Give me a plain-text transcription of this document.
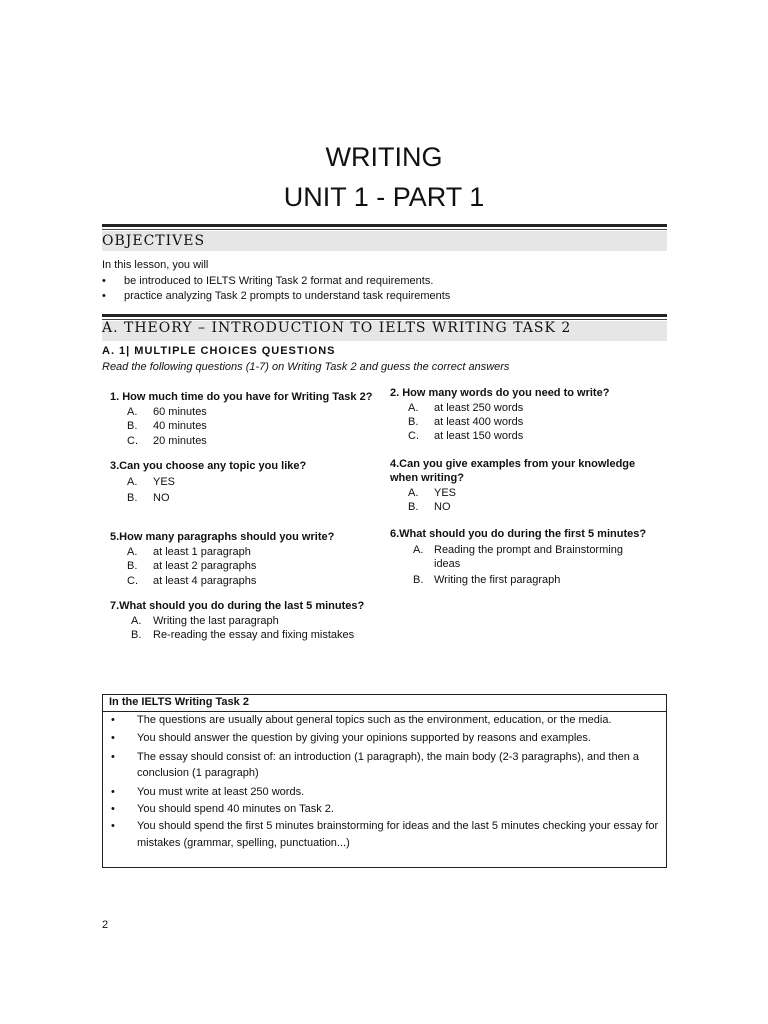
WRITING
UNIT 1 - PART 1
OBJECTIVES
In this lesson, you will
• be introduced to IELTS Writing Task 2 format and requirements.
• practice analyzing Task 2 prompts to understand task requirements
A. THEORY – INTRODUCTION TO IELTS WRITING TASK 2
A. 1| MULTIPLE CHOICES QUESTIONS
Read the following questions (1-7) on Writing Task 2 and guess the correct answers
1. How much time do you have for Writing Task 2?
A. 60 minutes
B. 40 minutes
C. 20 minutes
2. How many words do you need to write?
A. at least 250 words
B. at least 400 words
C. at least 150 words
3.Can you choose any topic you like?
A. YES
B. NO
4.Can you give examples from your knowledge
when writing?
A. YES
B. NO
5.How many paragraphs should you write?
A. at least 1 paragraph
B. at least 2 paragraphs
C. at least 4 paragraphs
6.What should you do during the first 5 minutes?
A. Reading the prompt and Brainstorming
ideas
B. Writing the first paragraph
7.What should you do during the last 5 minutes?
A. Writing the last paragraph
B. Re-reading the essay and fixing mistakes
In the IELTS Writing Task 2
• The questions are usually about general topics such as the environment, education, or the media.
• You should answer the question by giving your opinions supported by reasons and examples.
• The essay should consist of: an introduction (1 paragraph), the main body (2-3 paragraphs), and then a conclusion (1 paragraph)
• You must write at least 250 words.
• You should spend 40 minutes on Task 2.
• You should spend the first 5 minutes brainstorming for ideas and the last 5 minutes checking your essay for mistakes (grammar, spelling, punctuation...)
2
